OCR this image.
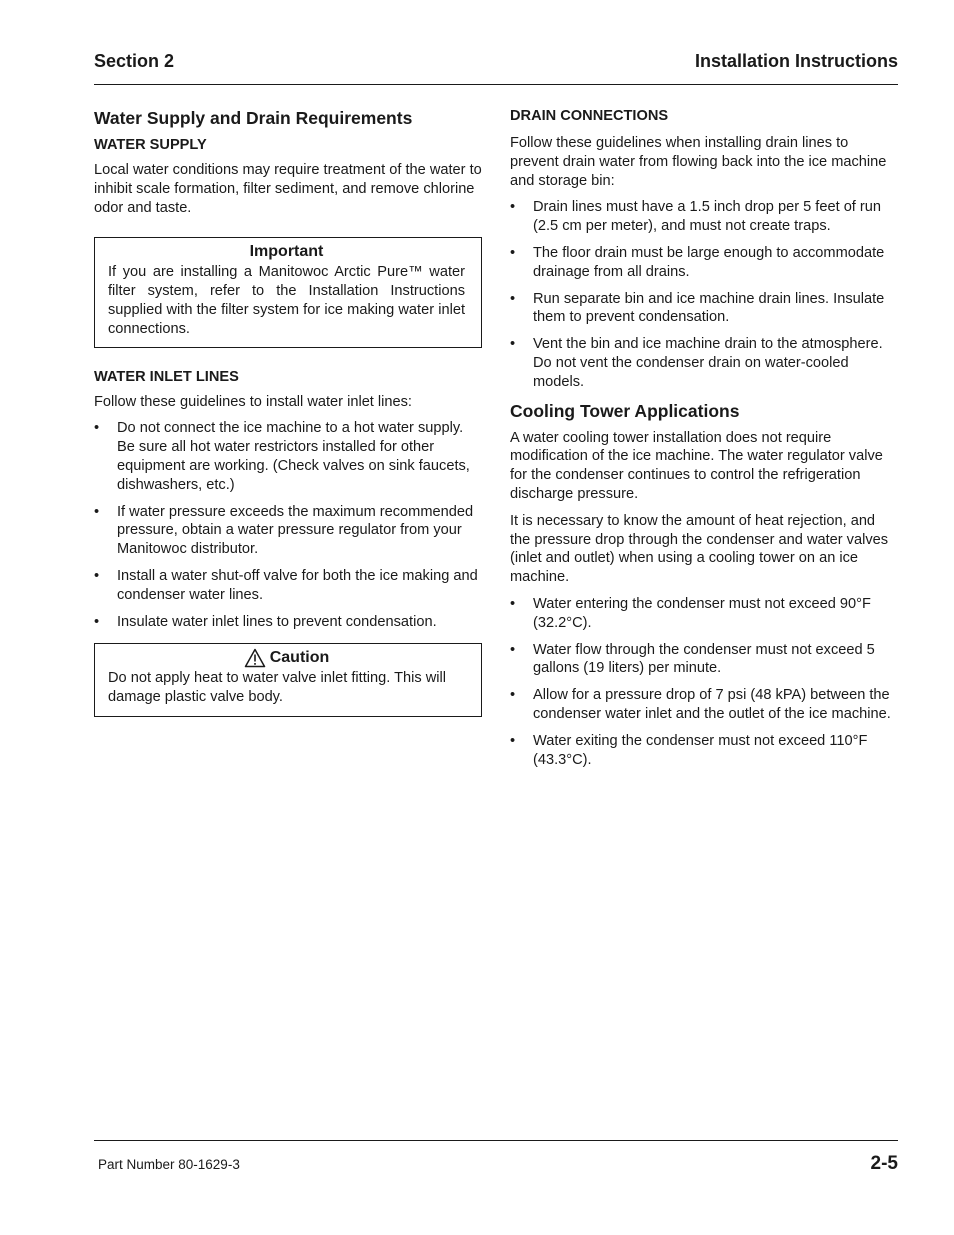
Section 2	Installation Instructions
Water Supply and Drain Requirements
WATER SUPPLY
Local water conditions may require treatment of the water to inhibit scale formation, filter sediment, and remove chlorine odor and taste.
Important
If you are installing a Manitowoc Arctic Pure™ water filter system, refer to the Installation Instructions supplied with the filter system for ice making water inlet connections.
WATER INLET LINES
Follow these guidelines to install water inlet lines:
• Do not connect the ice machine to a hot water supply. Be sure all hot water restrictors installed for other equipment are working. (Check valves on sink faucets, dishwashers, etc.)
• If water pressure exceeds the maximum recommended pressure, obtain a water pressure regulator from your Manitowoc distributor.
• Install a water shut-off valve for both the ice making and condenser water lines.
• Insulate water inlet lines to prevent condensation.
Caution
Do not apply heat to water valve inlet fitting. This will damage plastic valve body.
DRAIN CONNECTIONS
Follow these guidelines when installing drain lines to prevent drain water from flowing back into the ice machine and storage bin:
• Drain lines must have a 1.5 inch drop per 5 feet of run (2.5 cm per meter), and must not create traps.
• The floor drain must be large enough to accommodate drainage from all drains.
• Run separate bin and ice machine drain lines. Insulate them to prevent condensation.
• Vent the bin and ice machine drain to the atmosphere. Do not vent the condenser drain on water-cooled models.
Cooling Tower Applications
A water cooling tower installation does not require modification of the ice machine. The water regulator valve for the condenser continues to control the refrigeration discharge pressure.
It is necessary to know the amount of heat rejection, and the pressure drop through the condenser and water valves (inlet and outlet) when using a cooling tower on an ice machine.
• Water entering the condenser must not exceed 90°F (32.2°C).
• Water flow through the condenser must not exceed 5 gallons (19 liters) per minute.
• Allow for a pressure drop of 7 psi (48 kPA) between the condenser water inlet and the outlet of the ice machine.
• Water exiting the condenser must not exceed 110°F (43.3°C).
Part Number 80-1629-3	2-5
